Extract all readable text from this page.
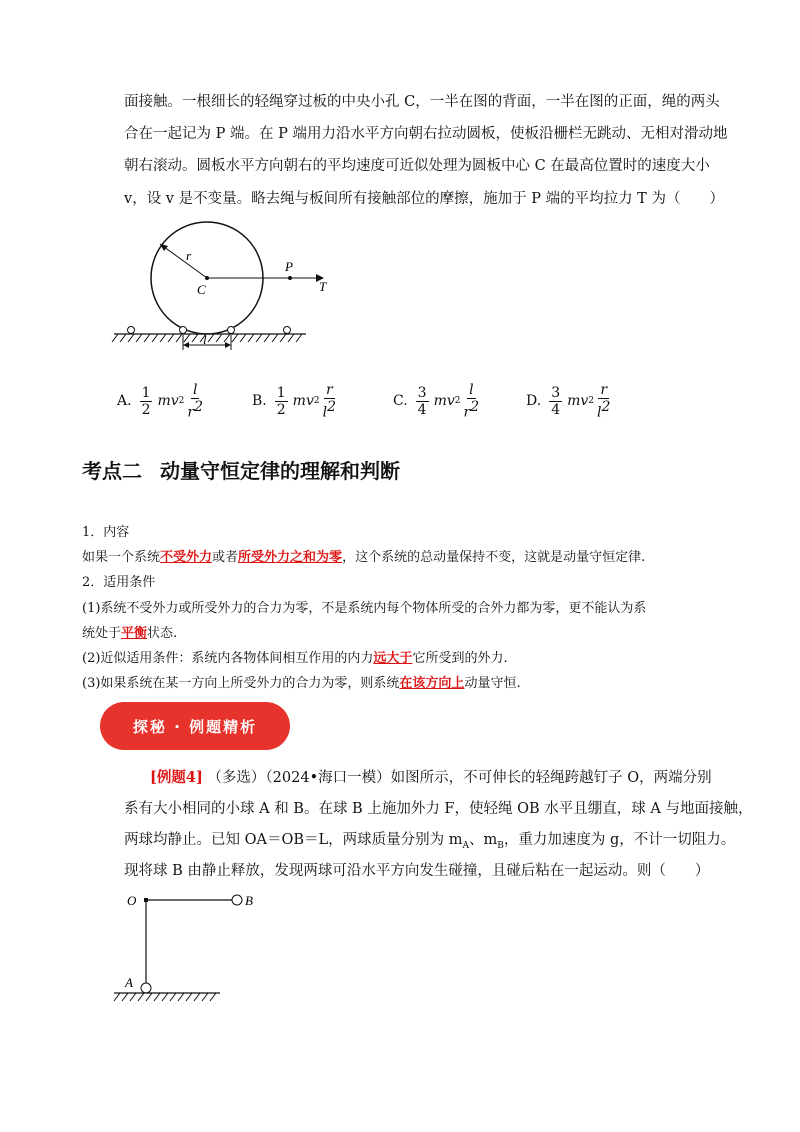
面接触。一根细长的轻绳穿过板的中央小孔 C，一半在图的背面，一半在图的正面，绳的两头
合在一起记为 P 端。在 P 端用力沿水平方向朝右拉动圆板，使板沿栅栏无跳动、无相对滑动地
朝右滚动。圆板水平方向朝右的平均速度可近似处理为圆板中心 C 在最高位置时的速度大小
v，设 v 是不变量。略去绳与板间所有接触部位的摩擦，施加于 P 端的平均拉力 T 为（　　）
r
C
P
T
l
A. $\frac{1}{2}$ mv $2 \frac{l}{r2}$	B. $\frac{1}{2}$ mv $2 \frac{r}{l2}$	C. $\frac{3}{4}$ mv $2 \frac{l}{r2}$	D. $\frac{3}{4}$ mv $2 \frac{r}{l2}$
考点二 动量守恒定律的理解和判断
1．内容
如果一个系统不受外力或者所受外力之和为零，这个系统的总动量保持不变，这就是动量守恒定律.
2．适用条件
(1)系统不受外力或所受外力的合力为零，不是系统内每个物体所受的合外力都为零，更不能认为系
统处于平衡状态.
(2)近似适用条件：系统内各物体间相互作用的内力远大于它所受到的外力.
(3)如果系统在某一方向上所受外力的合力为零，则系统在该方向上动量守恒.
探秘 · 例题精析
[例题4] （多选）（2024•海口一模）如图所示，不可伸长的轻绳跨越钉子 O，两端分别
系有大小相同的小球 A 和 B。在球 B 上施加外力 F，使轻绳 OB 水平且绷直，球 A 与地面接触，
两球均静止。已知 OA＝OB＝L，两球质量分别为 $m_A$、$m_B$，重力加速度为 g，不计一切阻力。
现将球 B 由静止释放，发现两球可沿水平方向发生碰撞，且碰后粘在一起运动。则（　　）
O	B
A
